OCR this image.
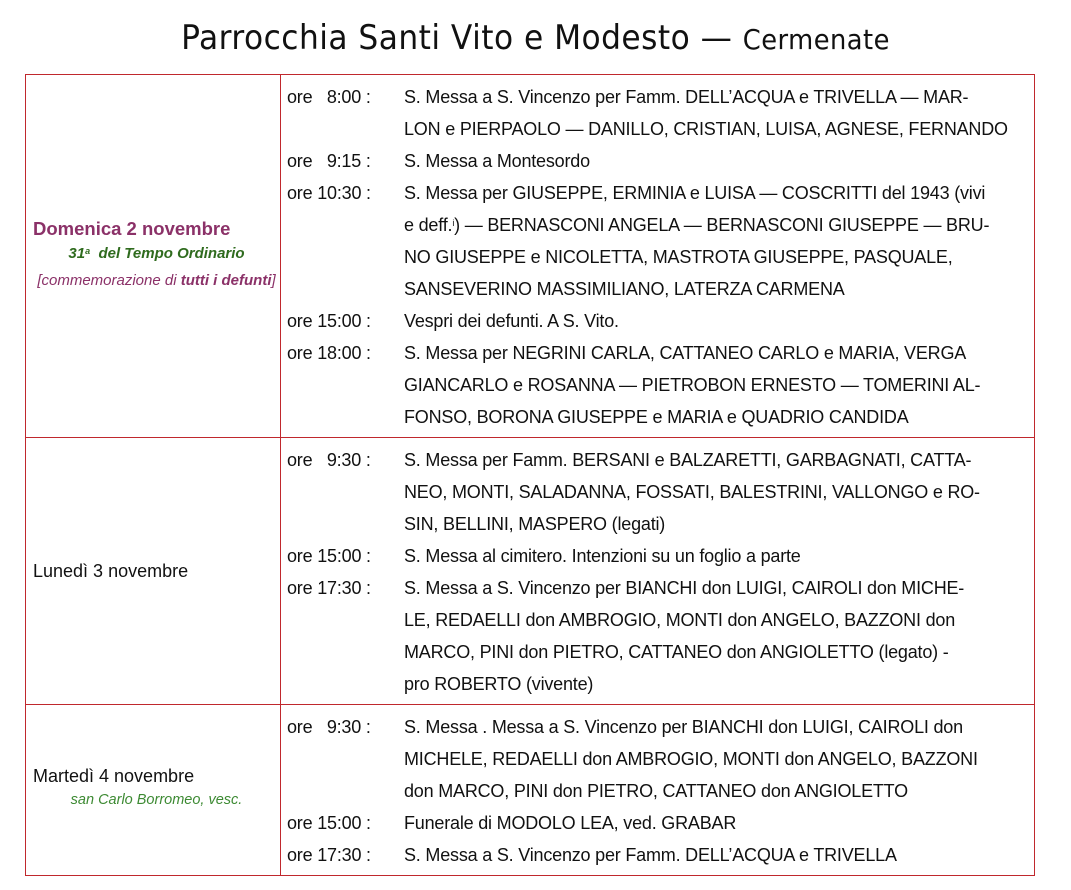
Parrocchia Santi Vito e Modesto — Cermenate
Domenica 2 novembre
31$^a$ del Tempo Ordinario
[commemorazione di tutti i defunti]

ore   8:00 :	S. Messa a S. Vincenzo per Famm. DELL’ACQUA e TRIVELLA — MAR-
LON e PIERPAOLO — DANILLO, CRISTIAN, LUISA, AGNESE, FERNANDO
ore   9:15 :	S. Messa a Montesordo
ore 10:30 :	S. Messa per GIUSEPPE, ERMINIA e LUISA — COSCRITTI del 1943 (vivi
e deff.$^i$) — BERNASCONI ANGELA — BERNASCONI GIUSEPPE — BRU-
NO GIUSEPPE e NICOLETTA, MASTROTA GIUSEPPE, PASQUALE,
SANSEVERINO MASSIMILIANO, LATERZA CARMENA
ore 15:00 :	Vespri dei defunti. A S. Vito.
ore 18:00 :	S. Messa per NEGRINI CARLA, CATTANEO CARLO e MARIA, VERGA
GIANCARLO e ROSANNA — PIETROBON ERNESTO — TOMERINI AL-
FONSO, BORONA GIUSEPPE e MARIA e QUADRIO CANDIDA

Lunedì 3 novembre

ore   9:30 :	S. Messa per Famm. BERSANI e BALZARETTI, GARBAGNATI, CATTA-
NEO, MONTI, SALADANNA, FOSSATI, BALESTRINI, VALLONGO e RO-
SIN, BELLINI, MASPERO (legati)
ore 15:00 :	S. Messa al cimitero. Intenzioni su un foglio a parte
ore 17:30 :	S. Messa a S. Vincenzo per BIANCHI don LUIGI, CAIROLI don MICHE-
LE, REDAELLI don AMBROGIO, MONTI don ANGELO, BAZZONI don
MARCO, PINI don PIETRO, CATTANEO don ANGIOLETTO (legato) -
pro ROBERTO (vivente)

Martedì 4 novembre
san Carlo Borromeo, vesc.

ore   9:30 :	S. Messa . Messa a S. Vincenzo per BIANCHI don LUIGI, CAIROLI don
MICHELE, REDAELLI don AMBROGIO, MONTI don ANGELO, BAZZONI
don MARCO, PINI don PIETRO, CATTANEO don ANGIOLETTO
ore 15:00 :	Funerale di MODOLO LEA, ved. GRABAR
ore 17:30 :	S. Messa a S. Vincenzo per Famm. DELL’ACQUA e TRIVELLA
